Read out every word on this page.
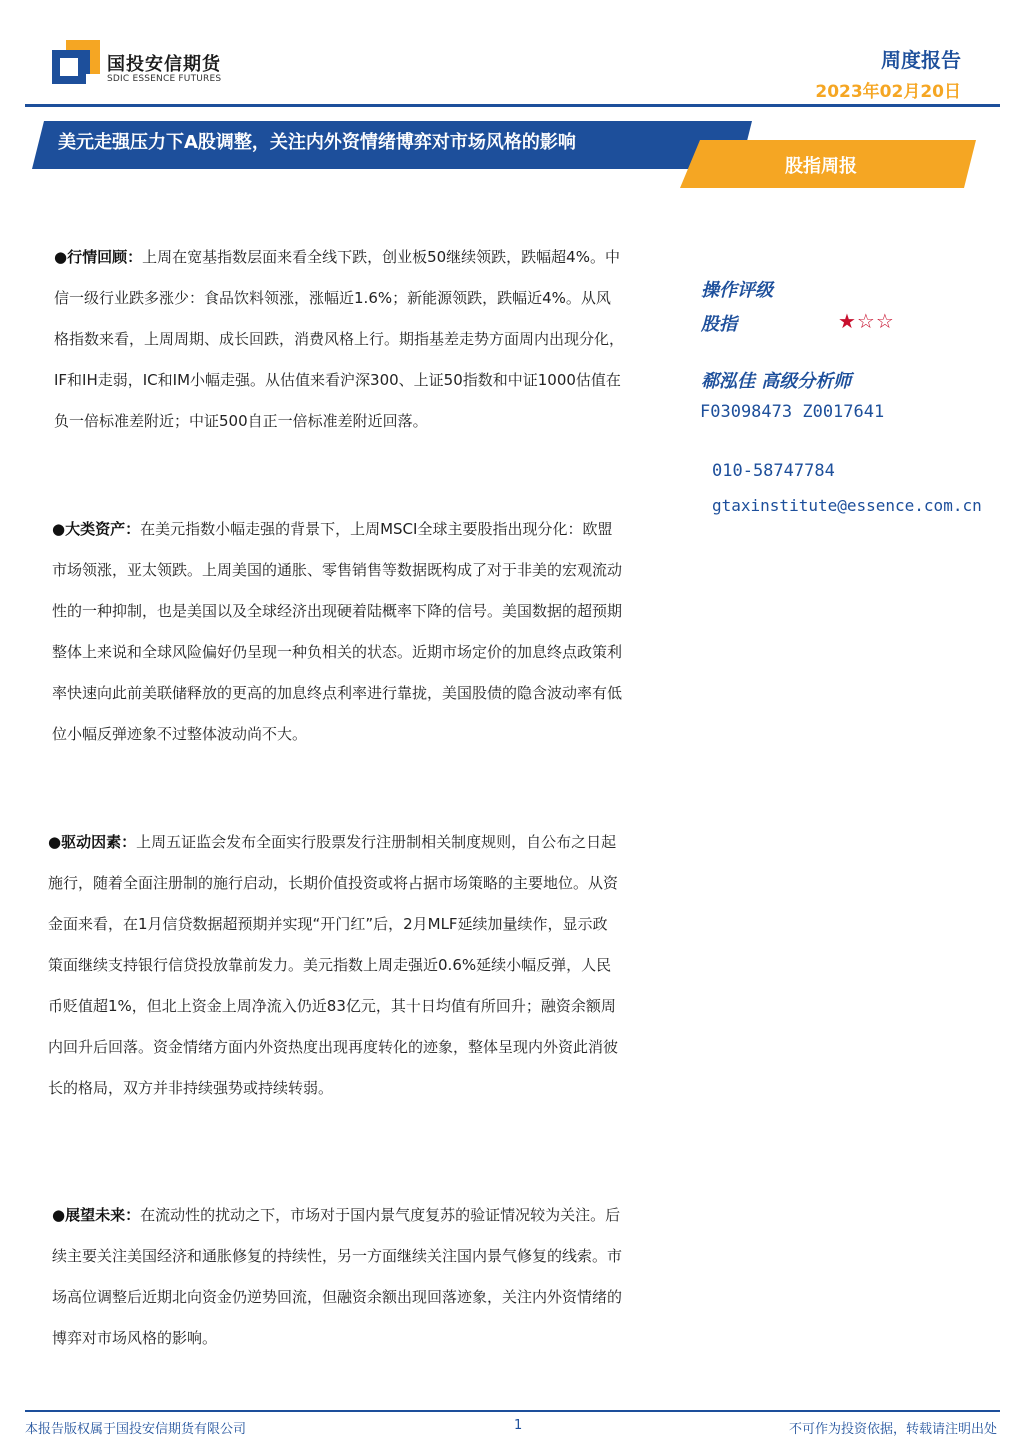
国投安信期货
SDIC ESSENCE FUTURES
周度报告
2023年02月20日
美元走强压力下A股调整，关注内外资情绪博弈对市场风格的影响
股指周报
●行情回顾：上周在宽基指数层面来看全线下跌，创业板50继续领跌，跌幅超4%。中信一级行业跌多涨少：食品饮料领涨，涨幅近1.6%；新能源领跌，跌幅近4%。从风格指数来看，上周周期、成长回跌，消费风格上行。期指基差走势方面周内出现分化，IF和IH走弱，IC和IM小幅走强。从估值来看沪深300、上证50指数和中证1000估值在负一倍标准差附近；中证500自正一倍标准差附近回落。
●大类资产：在美元指数小幅走强的背景下，上周MSCI全球主要股指出现分化：欧盟市场领涨，亚太领跌。上周美国的通胀、零售销售等数据既构成了对于非美的宏观流动性的一种抑制，也是美国以及全球经济出现硬着陆概率下降的信号。美国数据的超预期整体上来说和全球风险偏好仍呈现一种负相关的状态。近期市场定价的加息终点政策利率快速向此前美联储释放的更高的加息终点利率进行靠拢，美国股债的隐含波动率有低位小幅反弹迹象不过整体波动尚不大。
●驱动因素：上周五证监会发布全面实行股票发行注册制相关制度规则，自公布之日起施行，随着全面注册制的施行启动，长期价值投资或将占据市场策略的主要地位。从资金面来看，在1月信贷数据超预期并实现“开门红”后，2月MLF延续加量续作，显示政策面继续支持银行信贷投放靠前发力。美元指数上周走强近0.6%延续小幅反弹，人民币贬值超1%，但北上资金上周净流入仍近83亿元，其十日均值有所回升；融资余额周内回升后回落。资金情绪方面内外资热度出现再度转化的迹象，整体呈现内外资此消彼长的格局，双方并非持续强势或持续转弱。
●展望未来：在流动性的扰动之下，市场对于国内景气度复苏的验证情况较为关注。后续主要关注美国经济和通胀修复的持续性，另一方面继续关注国内景气修复的线索。市场高位调整后近期北向资金仍逆势回流，但融资余额出现回落迹象，关注内外资情绪的博弈对市场风格的影响。
操作评级
股指	★☆☆
郗泓佳 高级分析师
F03098473 Z0017641
010-58747784
gtaxinstitute@essence.com.cn
本报告版权属于国投安信期货有限公司	1	不可作为投资依据，转载请注明出处
